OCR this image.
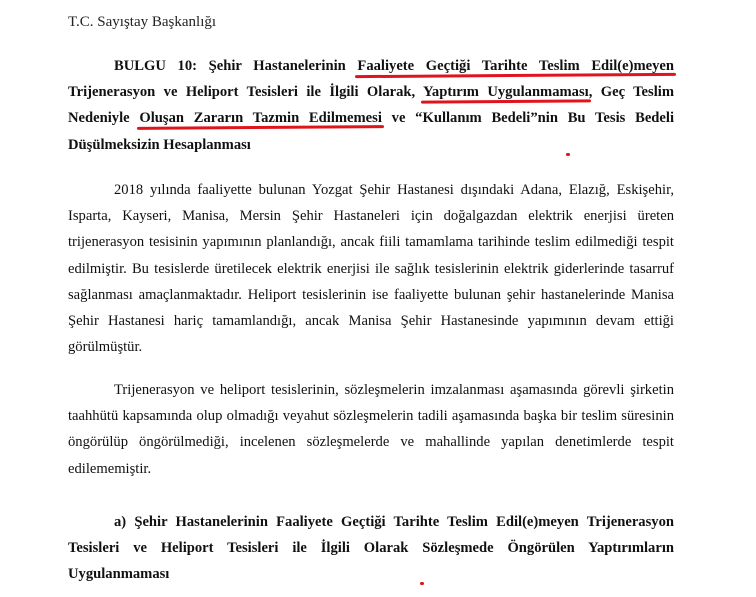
T.C. Sayıştay Başkanlığı
BULGU 10: Şehir Hastanelerinin Faaliyete Geçtiği Tarihte Teslim Edil(e)meyen Trijenerasyon ve Heliport Tesisleri ile İlgili Olarak, Yaptırım Uygulanmaması, Geç Teslim Nedeniyle Oluşan Zararın Tazmin Edilmemesi ve “Kullanım Bedeli”nin Bu Tesis Bedeli Düşülmeksizin Hesaplanması
2018 yılında faaliyette bulunan Yozgat Şehir Hastanesi dışındaki Adana, Elazığ, Eskişehir, Isparta, Kayseri, Manisa, Mersin Şehir Hastaneleri için doğalgazdan elektrik enerjisi üreten trijenerasyon tesisinin yapımının planlandığı, ancak fiili tamamlama tarihinde teslim edilmediği tespit edilmiştir. Bu tesislerde üretilecek elektrik enerjisi ile sağlık tesislerinin elektrik giderlerinde tasarruf sağlanması amaçlanmaktadır. Heliport tesislerinin ise faaliyette bulunan şehir hastanelerinde Manisa Şehir Hastanesi hariç tamamlandığı, ancak Manisa Şehir Hastanesinde yapımının devam ettiği görülmüştür.
Trijenerasyon ve heliport tesislerinin, sözleşmelerin imzalanması aşamasında görevli şirketin taahhütü kapsamında olup olmadığı veyahut sözleşmelerin tadili aşamasında başka bir teslim süresinin öngörülüp öngörülmediği, incelenen sözleşmelerde ve mahallinde yapılan denetimlerde tespit edilememiştir.
a) Şehir Hastanelerinin Faaliyete Geçtiği Tarihte Teslim Edil(e)meyen Trijenerasyon Tesisleri ve Heliport Tesisleri ile İlgili Olarak Sözleşmede Öngörülen Yaptırımların Uygulanmaması
